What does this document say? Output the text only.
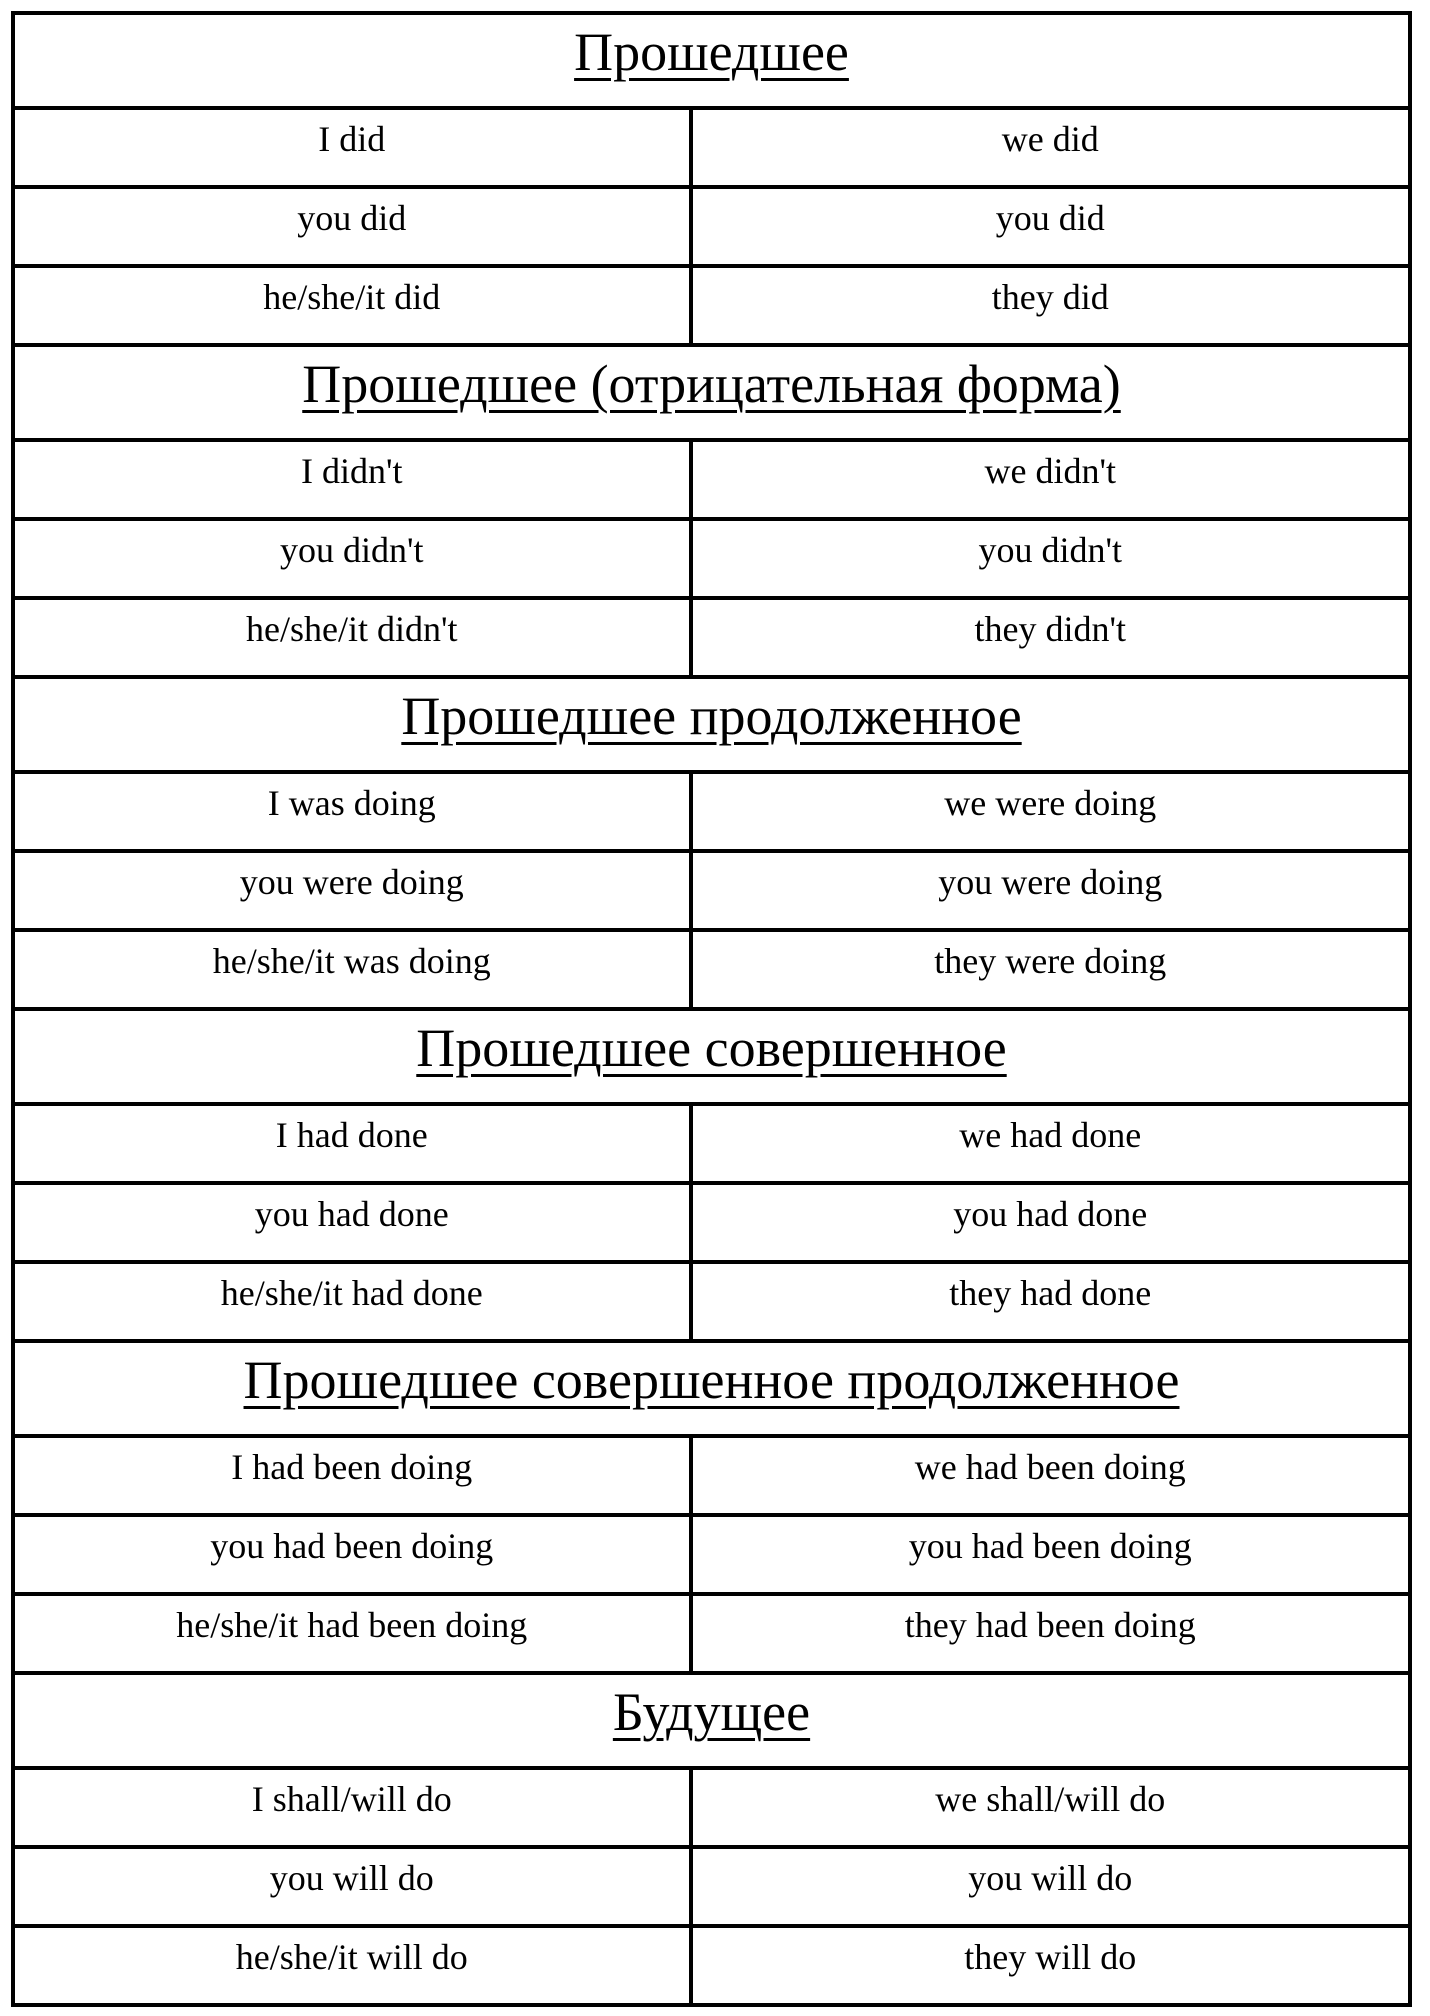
Прошедшее	
I did	we did
you did	you did
he/she/it did	they did
Прошедшее (отрицательная форма)	
I didn't	we didn't
you didn't	you didn't
he/she/it didn't	they didn't
Прошедшее продолженное	
I was doing	we were doing
you were doing	you were doing
he/she/it was doing	they were doing
Прошедшее совершенное	
I had done	we had done
you had done	you had done
he/she/it had done	they had done
Прошедшее совершенное продолженное	
I had been doing	we had been doing
you had been doing	you had been doing
he/she/it had been doing	they had been doing
Будущее	
I shall/will do	we shall/will do
you will do	you will do
he/she/it will do	they will do
